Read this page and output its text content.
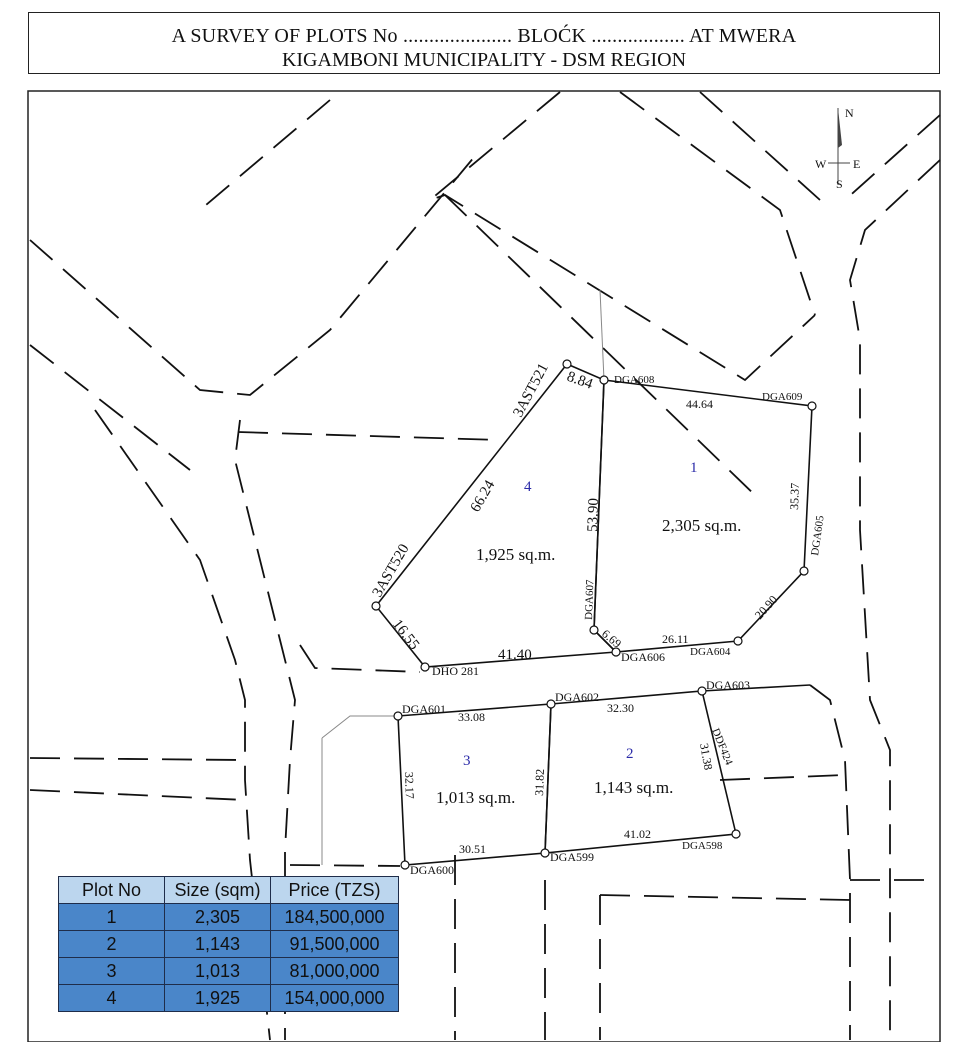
A SURVEY OF PLOTS No ..................... BLOĆK .................. AT MWERA
KIGAMBONI MUNICIPALITY - DSM REGION
N
S
E
W
DGA608
DGA609
DGA605
DGA604
DGA606
DGA607
DHO 281
3AST520
3AST521
DGA601
DGA602
DGA603
DDF424
DGA598
DGA599
DGA600
8.84
44.64
35.37
20.90
26.11
6.69
53.90
66.24
16.55
41.40
33.08
32.30
31.38
41.02
31.82
30.51
32.17
1
2,305 sq.m.
2
1,143 sq.m.
3
1,013 sq.m.
4
1,925 sq.m.
Plot No	Size (sqm)	Price (TZS)
1	2,305	184,500,000
2	1,143	91,500,000
3	1,013	81,000,000
4	1,925	154,000,000
